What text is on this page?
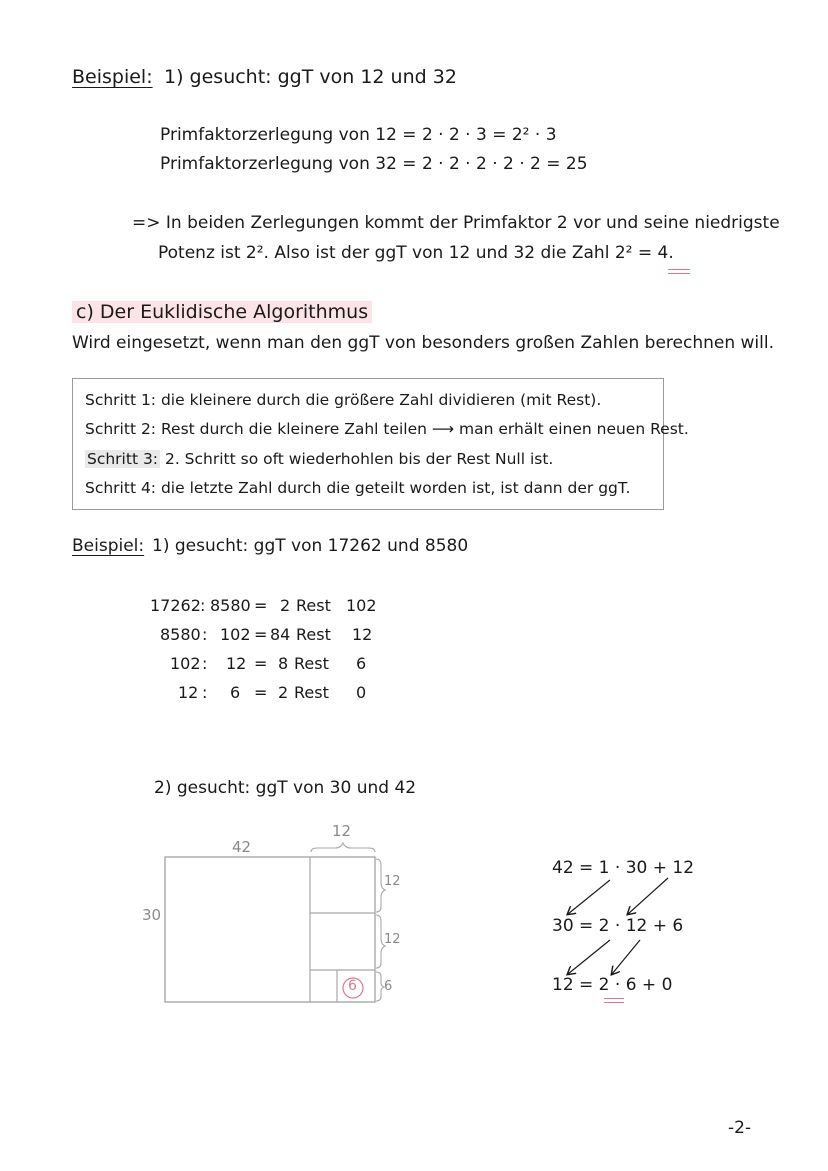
Beispiel: 1) gesucht: ggT von 12 und 32
Primfaktorzerlegung von 12 = 2 · 2 · 3 = 2² · 3
Primfaktorzerlegung von 32 = 2 · 2 · 2 · 2 · 2 = 25
=> In beiden Zerlegungen kommt der Primfaktor 2 vor und seine niedrigste
Potenz ist 2². Also ist der ggT von 12 und 32 die Zahl 2² = 4.
c) Der Euklidische Algorithmus
Wird eingesetzt, wenn man den ggT von besonders großen Zahlen berechnen will.
Schritt 1: die kleinere durch die größere Zahl dividieren (mit Rest).
Schritt 2: Rest durch die kleinere Zahl teilen ⟶ man erhält einen neuen Rest.
Schritt 3: 2. Schritt so oft wiederhohlen bis der Rest Null ist.
Schritt 4: die letzte Zahl durch die geteilt worden ist, ist dann der ggT.
Beispiel: 1) gesucht: ggT von 17262 und 8580
17262 : 8580 = 2 Rest 102
8580 : 102 = 84 Rest 12
102 : 12 = 8 Rest 6
12 : 6 = 2 Rest 0
2) gesucht: ggT von 30 und 42
42
30
12
12
12
6
6
42 = 1 · 30 + 12
30 = 2 · 12 + 6
12 = 2 · 6 + 0
-2-
